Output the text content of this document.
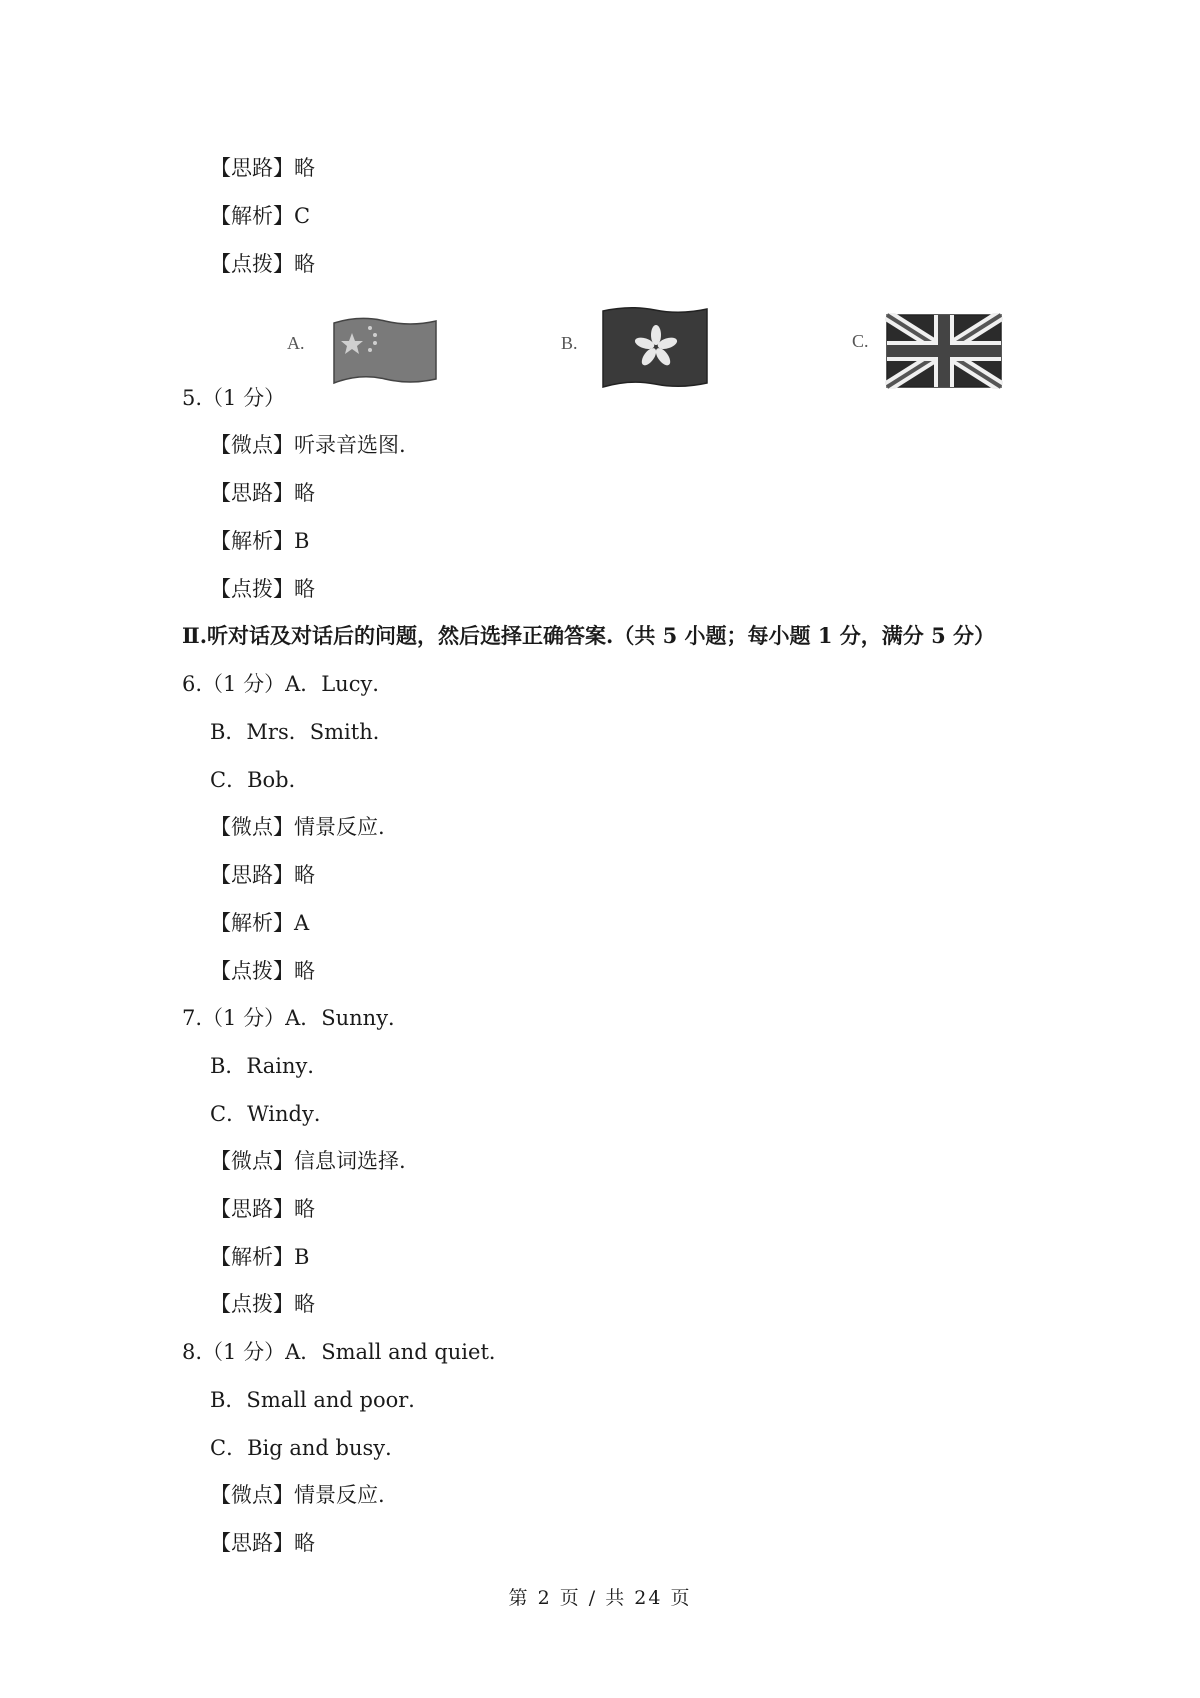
【思路】略
【解析】C
【点拨】略
A.	B.	C.
5.（1 分）
【微点】听录音选图.
【思路】略
【解析】B
【点拨】略
Ⅱ.听对话及对话后的问题，然后选择正确答案.（共 5 小题；每小题 1 分，满分 5 分）
6.（1 分）A．Lucy．
B．Mrs．Smith．
C．Bob．
【微点】情景反应.
【思路】略
【解析】A
【点拨】略
7.（1 分）A．Sunny．
B．Rainy．
C．Windy．
【微点】信息词选择.
【思路】略
【解析】B
【点拨】略
8.（1 分）A．Small and quiet．
B．Small and poor．
C．Big and busy．
【微点】情景反应.
【思路】略
第 2 页 / 共 24 页
